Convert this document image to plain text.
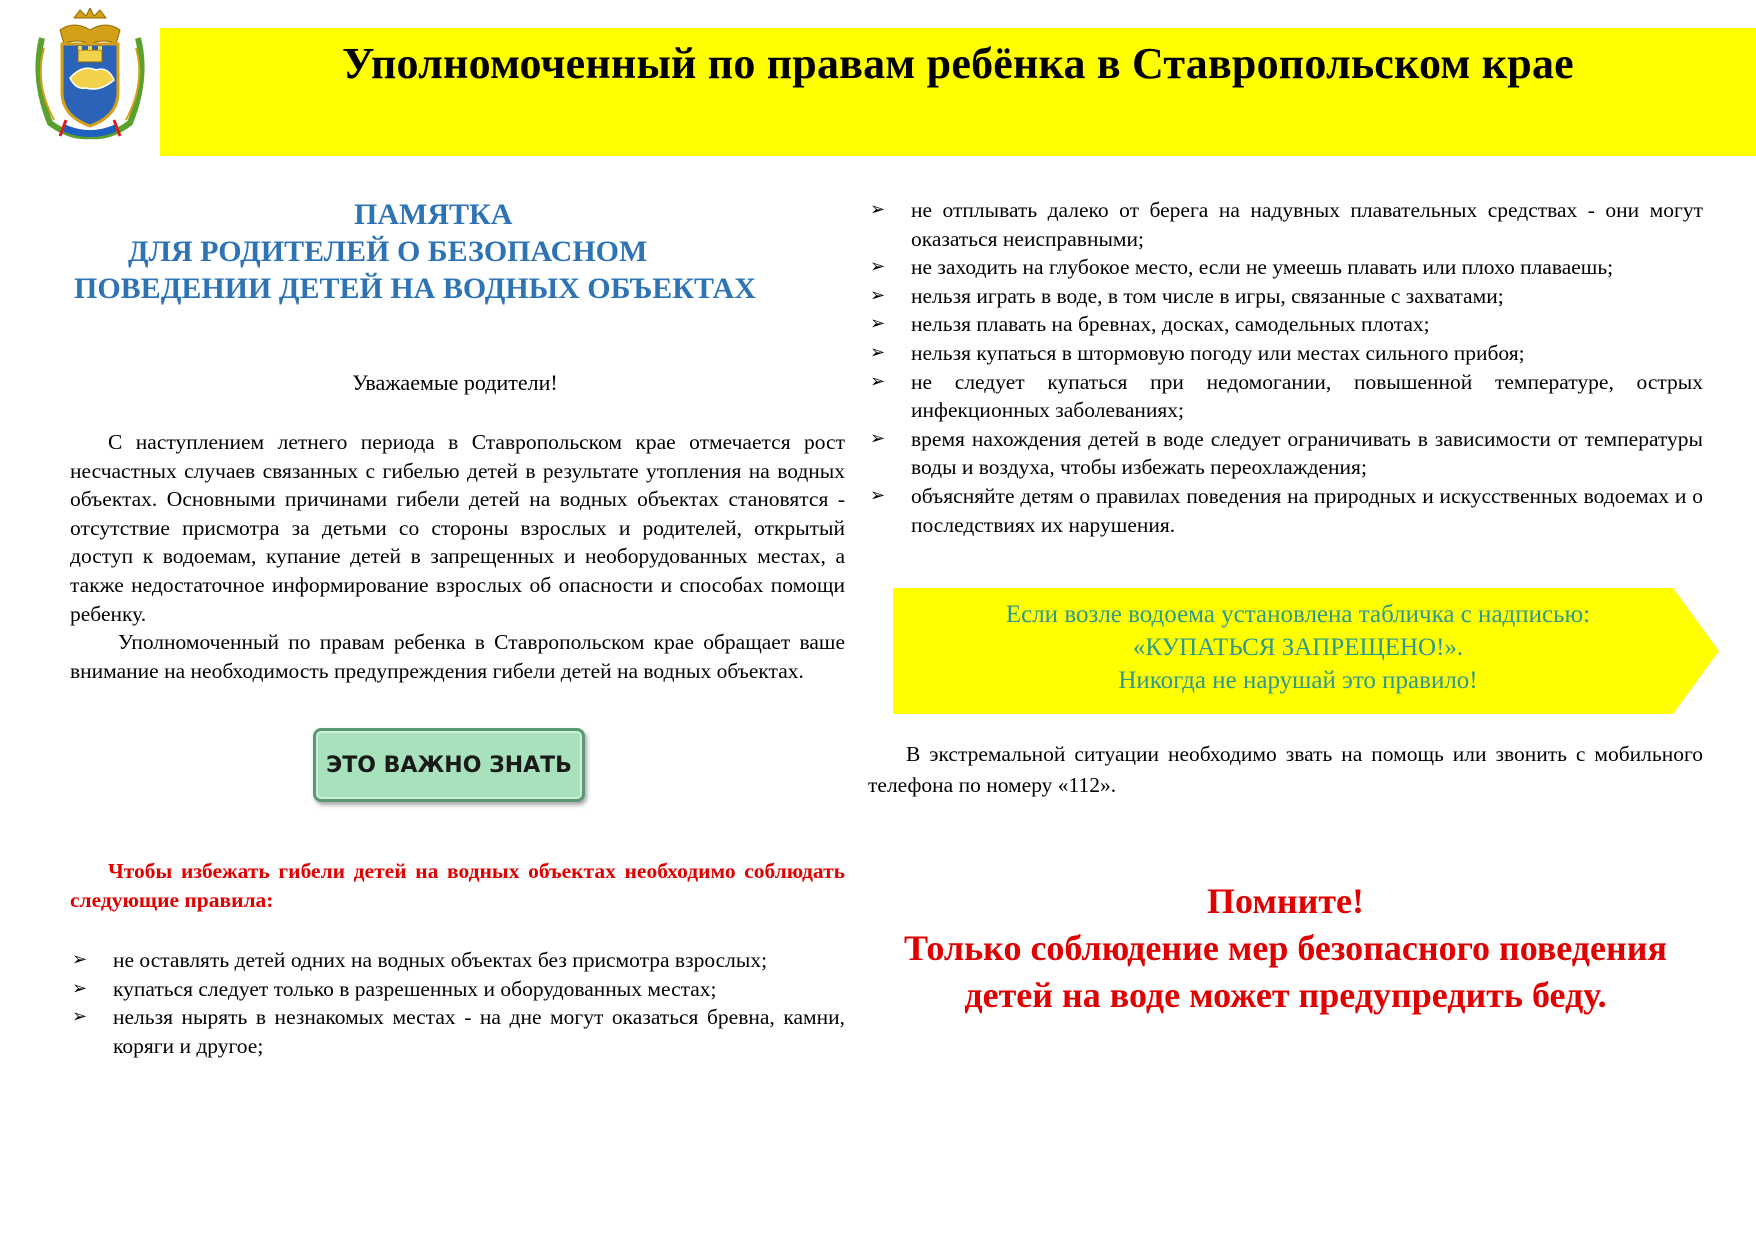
Уполномоченный по правам ребёнка в Ставропольском крае
ПАМЯТКА
ДЛЯ РОДИТЕЛЕЙ О БЕЗОПАСНОМ
ПОВЕДЕНИИ ДЕТЕЙ НА ВОДНЫХ ОБЪЕКТАХ
Уважаемые родители!

С наступлением летнего периода в Ставропольском крае отмечается рост несчастных случаев связанных с гибелью детей в результате утопления на водных объектах. Основными причинами гибели детей на водных объектах становятся - отсутствие присмотра за детьми со стороны взрослых и родителей, открытый доступ к водоемам, купание детей в запрещенных и необорудованных местах, а также недостаточное информирование взрослых об опасности и способах помощи ребенку.

Уполномоченный по правам ребенка в Ставропольском крае обращает ваше внимание на необходимость предупреждения гибели детей на водных объектах.

ЭТО ВАЖНО ЗНАТЬ

Чтобы избежать гибели детей на водных объектах необходимо соблюдать следующие правила:

➢ не оставлять детей одних на водных объектах без присмотра взрослых;
➢ купаться следует только в разрешенных и оборудованных местах;
➢ нельзя нырять в незнакомых местах - на дне могут оказаться бревна, камни, коряги и другое;
➢ не отплывать далеко от берега на надувных плавательных средствах - они могут оказаться неисправными;
➢ не заходить на глубокое место, если не умеешь плавать или плохо плаваешь;
➢ нельзя играть в воде, в том числе в игры, связанные с захватами;
➢ нельзя плавать на бревнах, досках, самодельных плотах;
➢ нельзя купаться в штормовую погоду или местах сильного прибоя;
➢ не следует купаться при недомогании, повышенной температуре, острых инфекционных заболеваниях;
➢ время нахождения детей в воде следует ограничивать в зависимости от температуры воды и воздуха, чтобы избежать переохлаждения;
➢ объясняйте детям о правилах поведения на природных и искусственных водоемах и о последствиях их нарушения.
Если возле водоема установлена табличка с надписью:
«КУПАТЬСЯ ЗАПРЕЩЕНО!».
Никогда не нарушай это правило!

В экстремальной ситуации необходимо звать на помощь или звонить с мобильного телефона по номеру «112».

Помните!
Только соблюдение мер безопасного поведения
детей на воде может предупредить беду.
